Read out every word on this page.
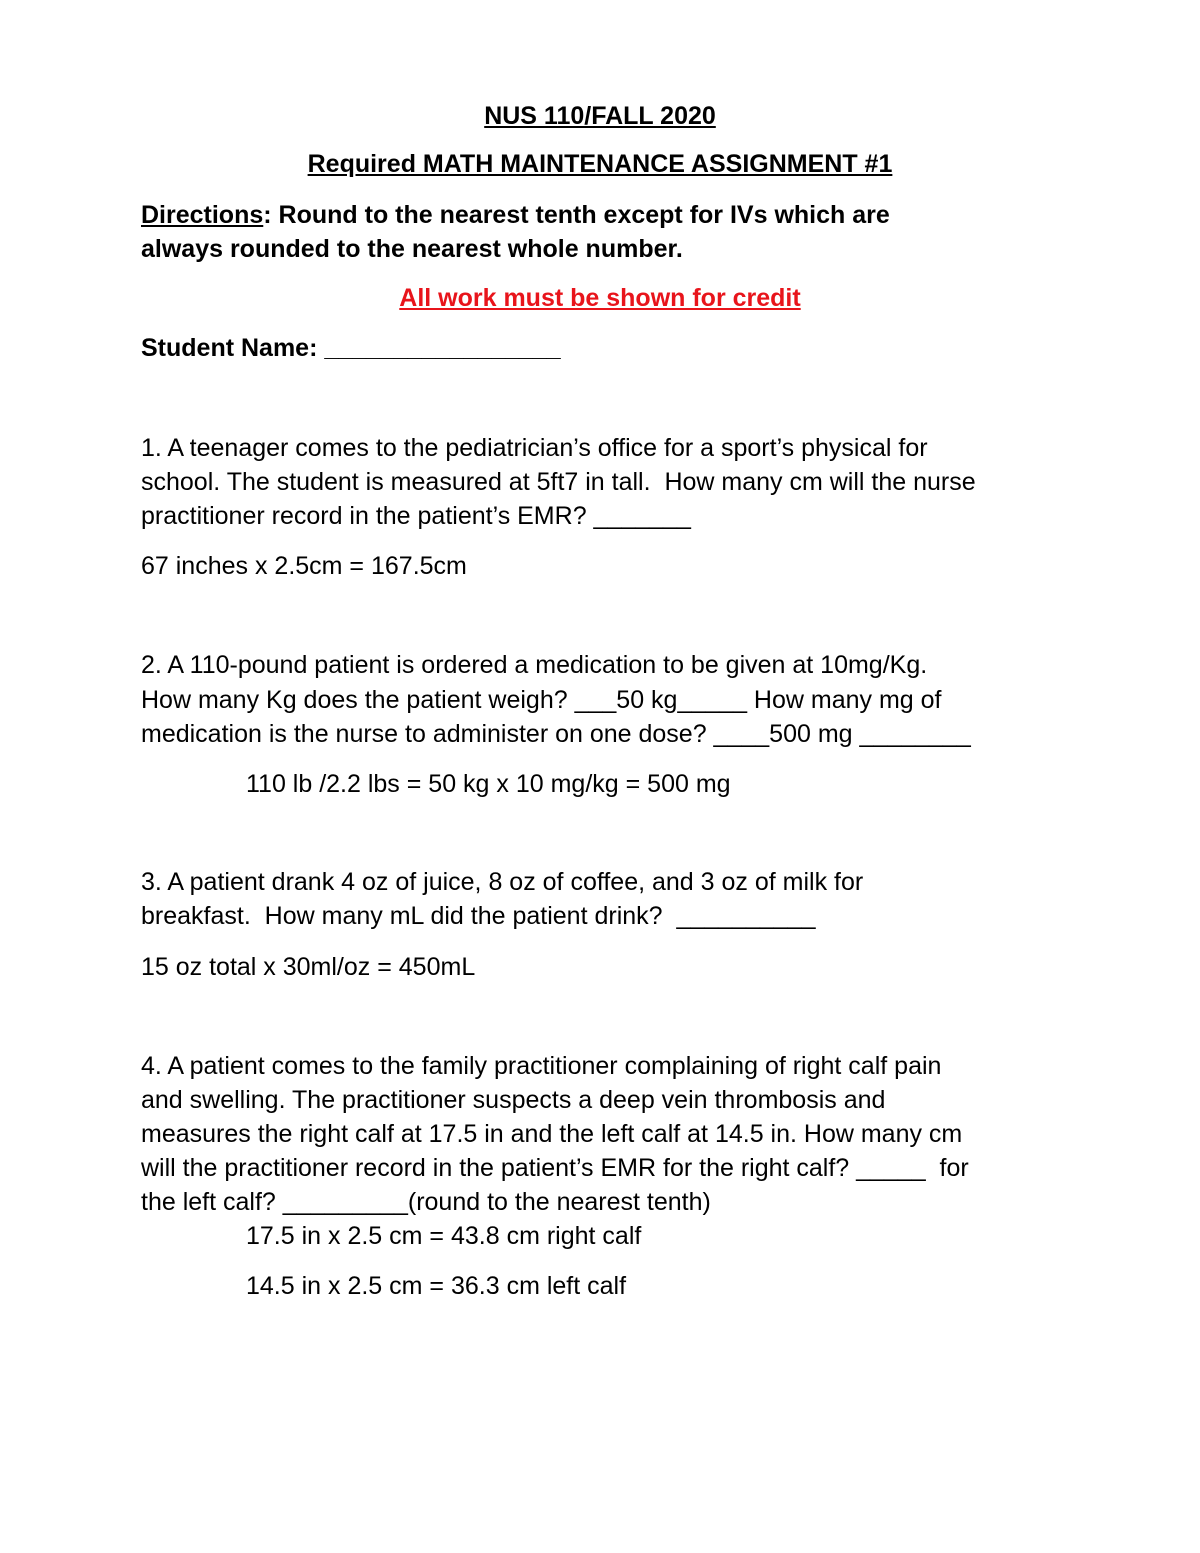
NUS 110/FALL 2020

Required MATH MAINTENANCE ASSIGNMENT #1

Directions: Round to the nearest tenth except for IVs which are

always rounded to the nearest whole number.

All work must be shown for credit

Student Name: _________________

1. A teenager comes to the pediatrician’s office for a sport’s physical for

school. The student is measured at 5ft7 in tall.  How many cm will the nurse

practitioner record in the patient’s EMR? _______

67 inches x 2.5cm = 167.5cm

2. A 110-pound patient is ordered a medication to be given at 10mg/Kg.

How many Kg does the patient weigh? ___50 kg_____ How many mg of

medication is the nurse to administer on one dose? ____500 mg ________

110 lb /2.2 lbs = 50 kg x 10 mg/kg = 500 mg

3. A patient drank 4 oz of juice, 8 oz of coffee, and 3 oz of milk for

breakfast.  How many mL did the patient drink?  __________

15 oz total x 30ml/oz = 450mL

4. A patient comes to the family practitioner complaining of right calf pain

and swelling. The practitioner suspects a deep vein thrombosis and

measures the right calf at 17.5 in and the left calf at 14.5 in. How many cm

will the practitioner record in the patient’s EMR for the right calf? _____  for

the left calf? _________(round to the nearest tenth)

17.5 in x 2.5 cm = 43.8 cm right calf

14.5 in x 2.5 cm = 36.3 cm left calf
